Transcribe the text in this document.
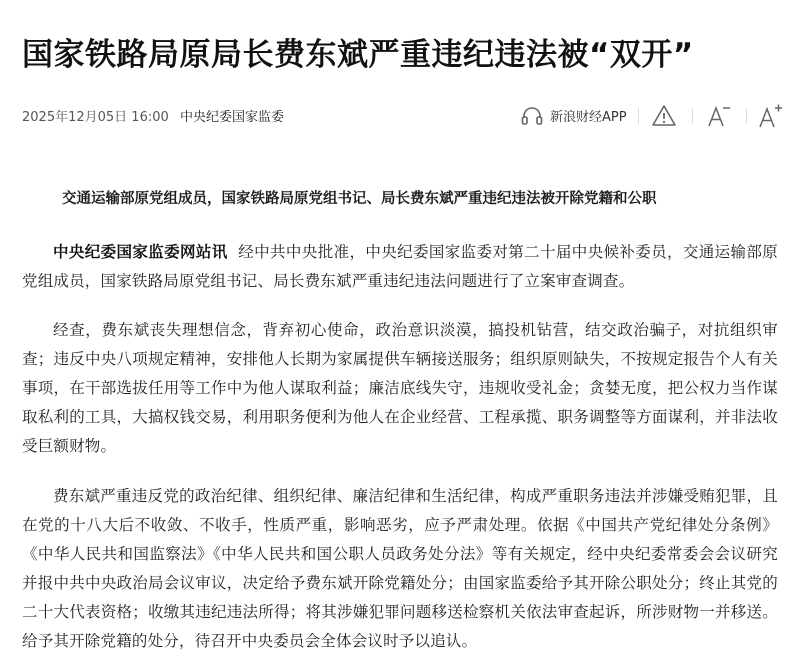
国家铁路局原局长费东斌严重违纪违法被“双开”
2025年12月05日 16:00 中央纪委国家监委	新浪财经APP
交通运输部原党组成员，国家铁路局原党组书记、局长费东斌严重违纪违法被开除党籍和公职

中央纪委国家监委网站讯 经中共中央批准，中央纪委国家监委对第二十届中央候补委员，交通运输部原党组成员，国家铁路局原党组书记、局长费东斌严重违纪违法问题进行了立案审查调查。

经查，费东斌丧失理想信念，背弃初心使命，政治意识淡漠，搞投机钻营，结交政治骗子，对抗组织审查；违反中央八项规定精神，安排他人长期为家属提供车辆接送服务；组织原则缺失，不按规定报告个人有关事项，在干部选拔任用等工作中为他人谋取利益；廉洁底线失守，违规收受礼金；贪婪无度，把公权力当作谋取私利的工具，大搞权钱交易，利用职务便利为他人在企业经营、工程承揽、职务调整等方面谋利，并非法收受巨额财物。

费东斌严重违反党的政治纪律、组织纪律、廉洁纪律和生活纪律，构成严重职务违法并涉嫌受贿犯罪，且在党的十八大后不收敛、不收手，性质严重，影响恶劣，应予严肃处理。依据《中国共产党纪律处分条例》《中华人民共和国监察法》《中华人民共和国公职人员政务处分法》等有关规定，经中央纪委常委会会议研究并报中共中央政治局会议审议，决定给予费东斌开除党籍处分；由国家监委给予其开除公职处分；终止其党的二十大代表资格；收缴其违纪违法所得；将其涉嫌犯罪问题移送检察机关依法审查起诉，所涉财物一并移送。给予其开除党籍的处分，待召开中央委员会全体会议时予以追认。
